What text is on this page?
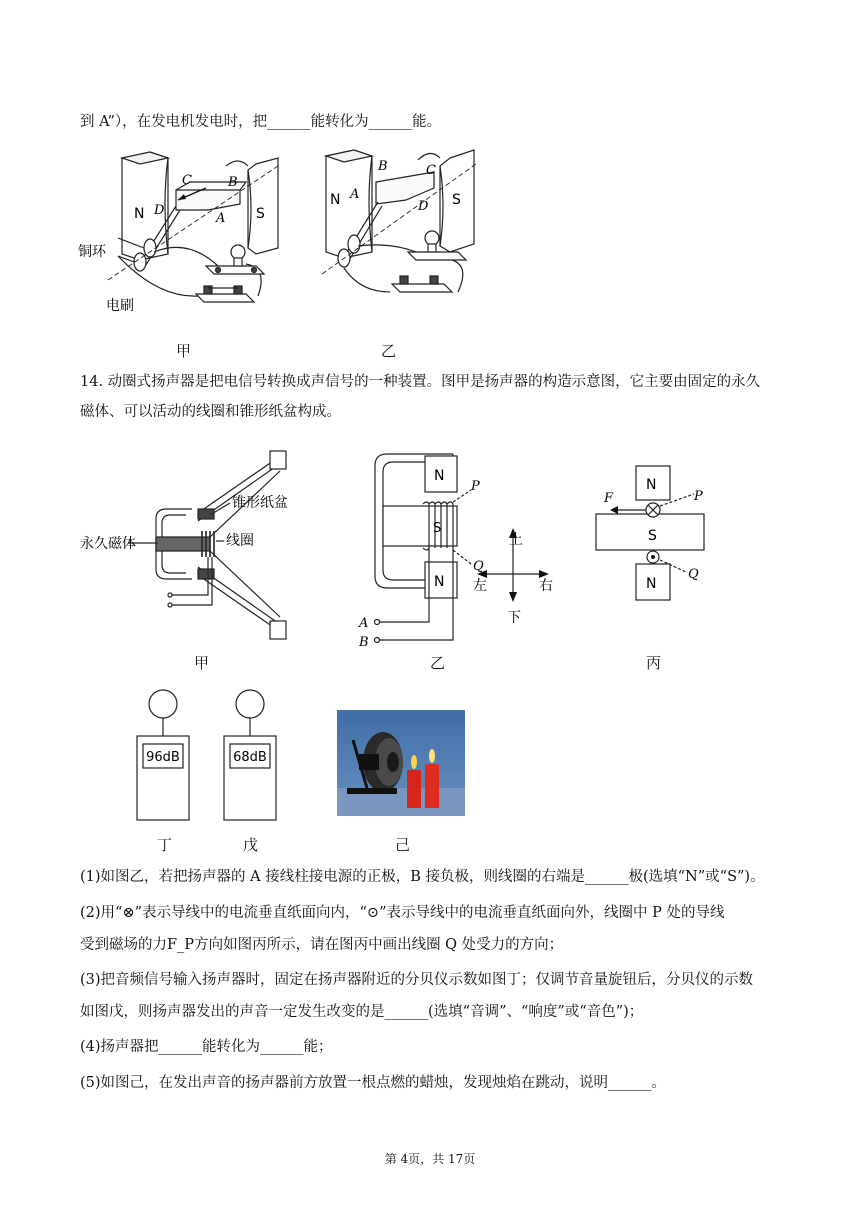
到 A”），在发电机发电时，把______能转化为______能。
N	S
C	B
D
A
铜环
电刷
甲
N	S
B	C
A
D
乙
14. 动圈式扬声器是把电信号转换成声信号的一种装置。图甲是扬声器的构造示意图，它主要由固定的永久
磁体、可以活动的线圈和锥形纸盆构成。
锥形纸盆
线圈
永久磁体
甲
N
N
S
P
Q
A
B
上
下
左	右
乙
N
S
N
F	P
Q
丙
96dB
丁
68dB
戊	己
(1)如图乙，若把扬声器的 A 接线柱接电源的正极，B 接负极，则线圈的右端是______极(选填“N”或“S”)。
(2)用“⊗”表示导线中的电流垂直纸面向内，“⊙”表示导线中的电流垂直纸面向外，线圈中 P 处的导线
受到磁场的力F_P方向如图丙所示，请在图丙中画出线圈 Q 处受力的方向；
(3)把音频信号输入扬声器时，固定在扬声器附近的分贝仪示数如图丁；仅调节音量旋钮后，分贝仪的示数
如图戊，则扬声器发出的声音一定发生改变的是______(选填“音调”、“响度”或“音色”)；
(4)扬声器把______能转化为______能；
(5)如图己，在发出声音的扬声器前方放置一根点燃的蜡烛，发现烛焰在跳动，说明______。
第 4页，共 17页
